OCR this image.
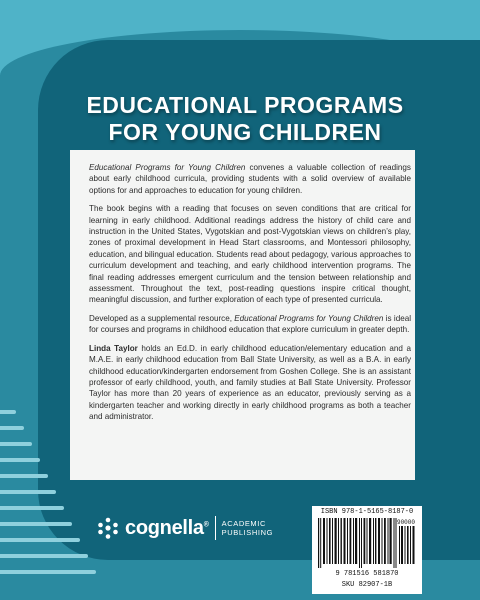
EDUCATIONAL PROGRAMS
FOR YOUNG CHILDREN

Educational Programs for Young Children convenes a valuable collection of readings about early childhood curricula, providing students with a solid overview of available options for and approaches to education for young children.

The book begins with a reading that focuses on seven conditions that are critical for learning in early childhood. Additional readings address the history of child care and instruction in the United States, Vygotskian and post-Vygotskian views on children’s play, zones of proximal development in Head Start classrooms, and Montessori philosophy, education, and bilingual education. Students read about pedagogy, various approaches to curriculum development and teaching, and early childhood intervention programs. The final reading addresses emergent curriculum and the tension between relationship and assessment. Throughout the text, post-reading questions inspire critical thought, meaningful discussion, and further exploration of each type of presented curricula.

Developed as a supplemental resource, Educational Programs for Young Children is ideal for courses and programs in childhood education that explore curriculum in greater depth.

Linda Taylor holds an Ed.D. in early childhood education/elementary education and a M.A.E. in early childhood education from Ball State University, as well as a B.A. in early childhood education/kindergarten endorsement from Goshen College. She is an assistant professor of early childhood, youth, and family studies at Ball State University. Professor Taylor has more than 20 years of experience as an educator, previously serving as a kindergarten teacher and working directly in early childhood programs as both a teacher and administrator.

cognella® ACADEMIC
PUBLISHING
ISBN 978-1-5165-8187-0
90000
9 781516 581870
SKU 82907-1B
